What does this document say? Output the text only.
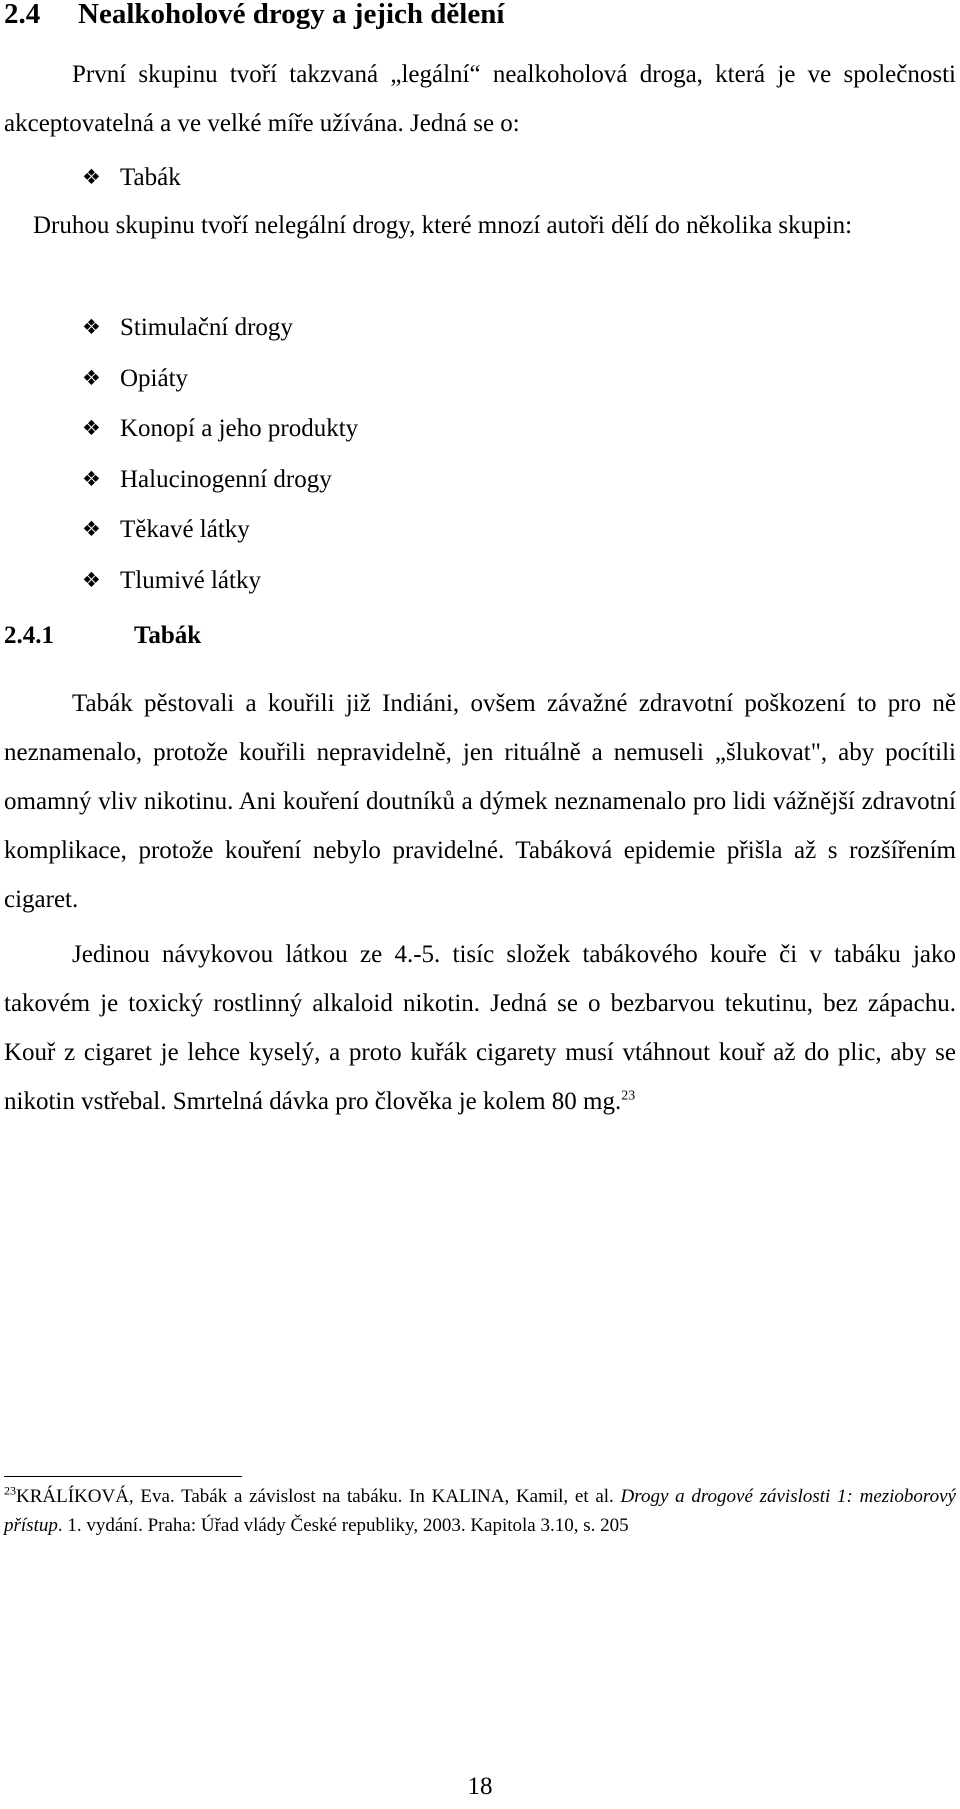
2.4 Nealkoholové drogy a jejich dělení

První skupinu tvoří takzvaná „legální“ nealkoholová droga, která je ve společnosti akceptovatelná a ve velké míře užívána. Jedná se o:

❖ Tabák

Druhou skupinu tvoří nelegální drogy, které mnozí autoři dělí do několika skupin:

❖ Stimulační drogy
❖ Opiáty
❖ Konopí a jeho produkty
❖ Halucinogenní drogy
❖ Těkavé látky
❖ Tlumivé látky
2.4.1	Tabák

Tabák pěstovali a kouřili již Indiáni, ovšem závažné zdravotní poškození to pro ně neznamenalo, protože kouřili nepravidelně, jen rituálně a nemuseli „šlukovat", aby pocítili omamný vliv nikotinu. Ani kouření doutníků a dýmek neznamenalo pro lidi vážnější zdravotní komplikace, protože kouření nebylo pravidelné. Tabáková epidemie přišla až s rozšířením cigaret.

Jedinou návykovou látkou ze 4.-5. tisíc složek tabákového kouře či v tabáku jako takovém je toxický rostlinný alkaloid nikotin. Jedná se o bezbarvou tekutinu, bez zápachu. Kouř z cigaret je lehce kyselý, a proto kuřák cigarety musí vtáhnout kouř až do plic, aby se nikotin vstřebal. Smrtelná dávka pro člověka je kolem 80 mg.$^{23}$

$^{23}$KRÁLÍKOVÁ, Eva. Tabák a závislost na tabáku. In KALINA, Kamil, et al. Drogy a drogové závislosti 1: mezioborový přístup. 1. vydání. Praha: Úřad vlády České republiky, 2003. Kapitola 3.10, s. 205

18
